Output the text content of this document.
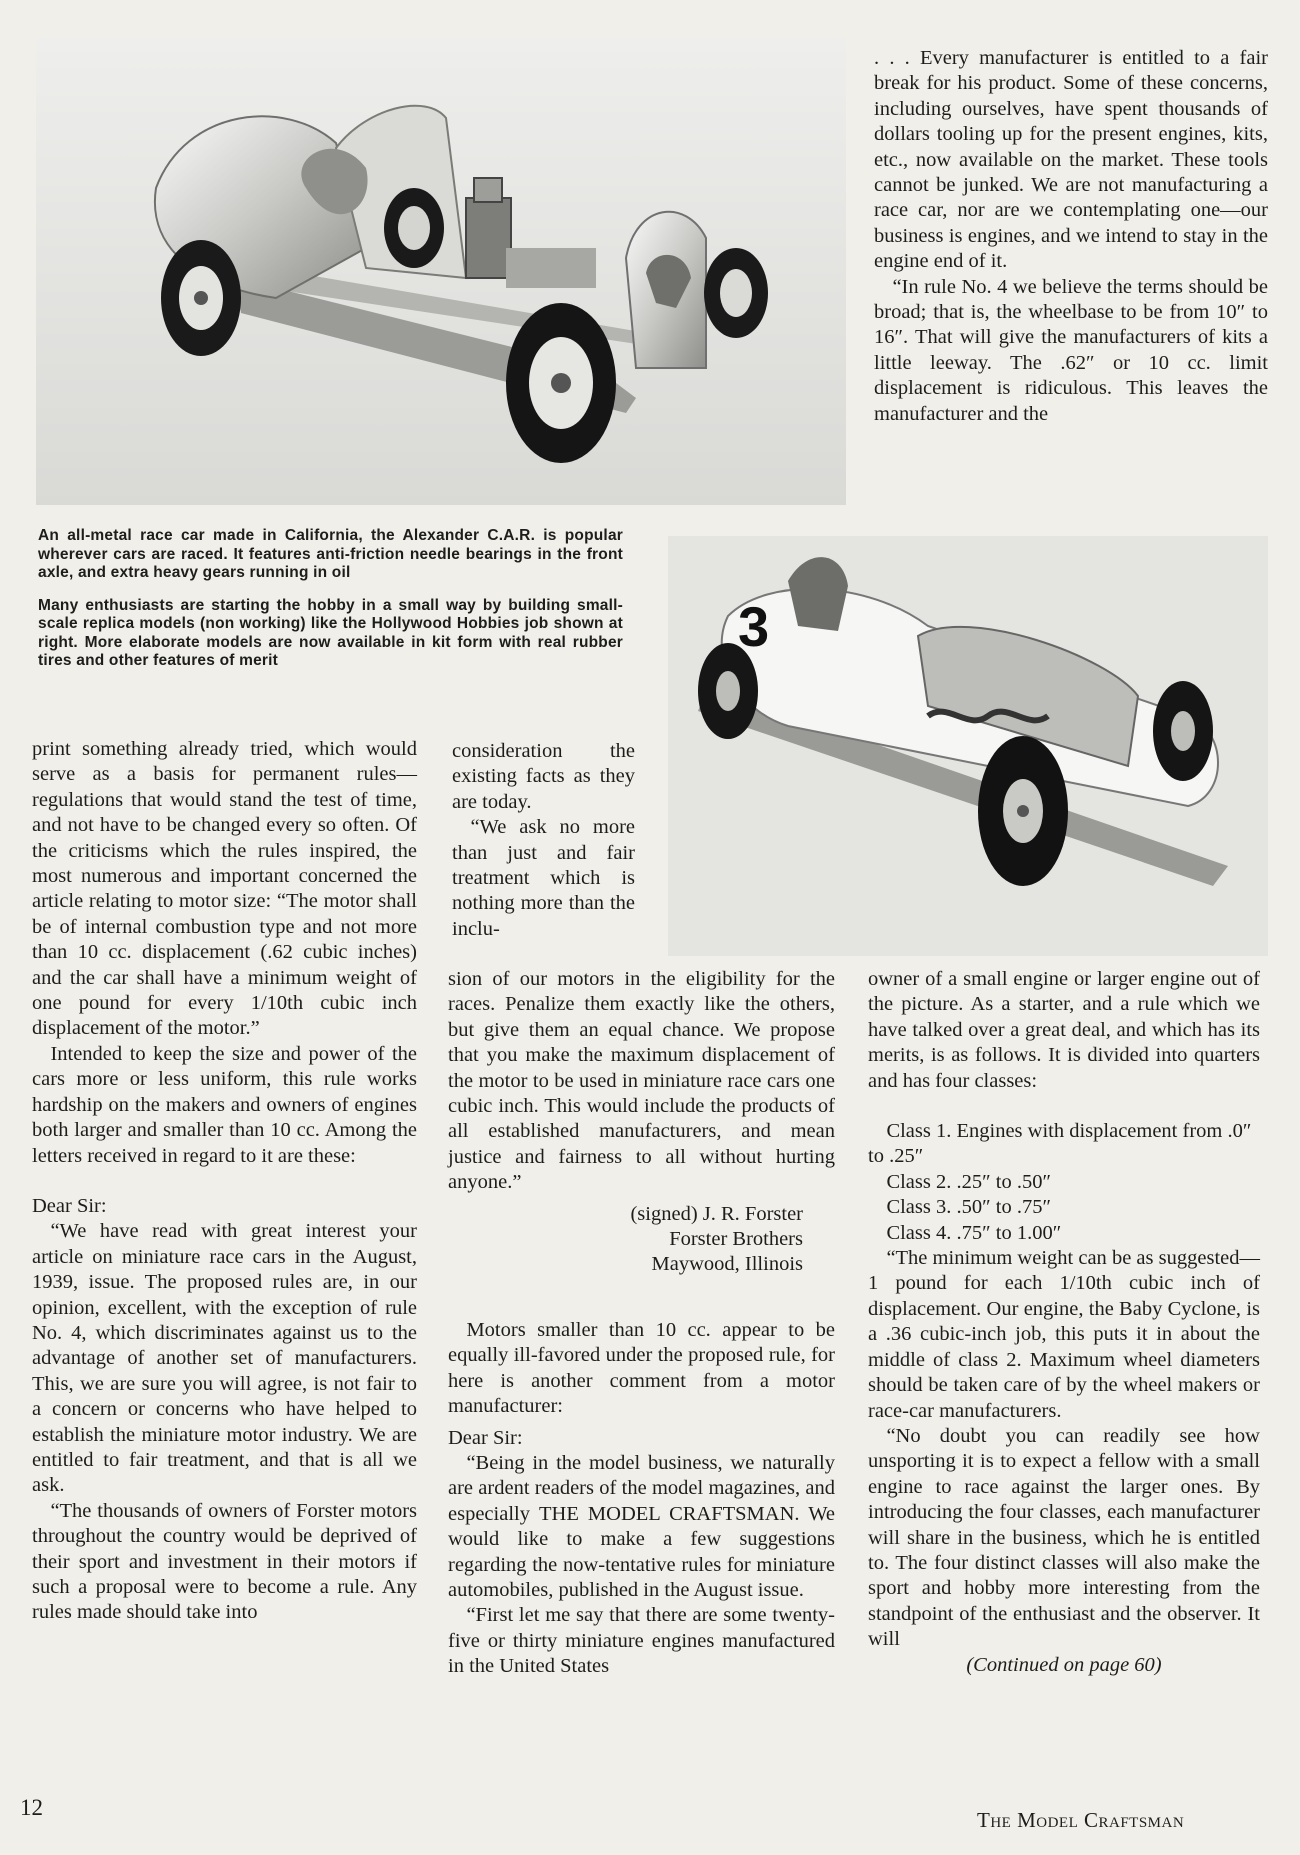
. . . Every manufacturer is entitled to a fair break for his product. Some of these concerns, including ourselves, have spent thousands of dollars tooling up for the present engines, kits, etc., now available on the market. These tools cannot be junked. We are not manufacturing a race car, nor are we contemplating one—our business is engines, and we intend to stay in the engine end of it.

“In rule No. 4 we believe the terms should be broad; that is, the wheelbase to be from 10″ to 16″. That will give the manufacturers of kits a little leeway. The .62″ or 10 cc. limit displacement is ridiculous. This leaves the manufacturer and the

An all-metal race car made in California, the Alexander C.A.R. is popular wherever cars are raced. It features anti-friction needle bearings in the front axle, and extra heavy gears running in oil

Many enthusiasts are starting the hobby in a small way by building small-scale replica models (non working) like the Hollywood Hobbies job shown at right. More elaborate models are now available in kit form with real rubber tires and other features of merit

3

print something already tried, which would serve as a basis for permanent rules—regulations that would stand the test of time, and not have to be changed every so often. Of the criticisms which the rules inspired, the most numerous and important concerned the article relating to motor size: “The motor shall be of internal combustion type and not more than 10 cc. displacement (.62 cubic inches) and the car shall have a minimum weight of one pound for every 1/10th cubic inch displacement of the motor.”

Intended to keep the size and power of the cars more or less uniform, this rule works hardship on the makers and owners of engines both larger and smaller than 10 cc. Among the letters received in regard to it are these:

Dear Sir:

“We have read with great interest your article on miniature race cars in the August, 1939, issue. The proposed rules are, in our opinion, excellent, with the exception of rule No. 4, which discriminates against us to the advantage of another set of manufacturers. This, we are sure you will agree, is not fair to a concern or concerns who have helped to establish the miniature motor industry. We are entitled to fair treatment, and that is all we ask.

“The thousands of owners of Forster motors throughout the country would be deprived of their sport and investment in their motors if such a proposal were to become a rule. Any rules made should take into

consideration the existing facts as they are today.

“We ask no more than just and fair treatment which is nothing more than the inclu-

sion of our motors in the eligibility for the races. Penalize them exactly like the others, but give them an equal chance. We propose that you make the maximum displacement of the motor to be used in miniature race cars one cubic inch. This would include the products of all established manufacturers, and mean justice and fairness to all without hurting anyone.”

(signed) J. R. Forster

Forster Brothers

Maywood, Illinois

Motors smaller than 10 cc. appear to be equally ill-favored under the proposed rule, for here is another comment from a motor manufacturer:

Dear Sir:

“Being in the model business, we naturally are ardent readers of the model magazines, and especially THE MODEL CRAFTSMAN. We would like to make a few suggestions regarding the now-tentative rules for miniature automobiles, published in the August issue.

“First let me say that there are some twenty-five or thirty miniature engines manufactured in the United States

owner of a small engine or larger engine out of the picture. As a starter, and a rule which we have talked over a great deal, and which has its merits, is as follows. It is divided into quarters and has four classes:

Class 1. Engines with displacement from .0″ to .25″

Class 2. .25″ to .50″

Class 3. .50″ to .75″

Class 4. .75″ to 1.00″

“The minimum weight can be as suggested—1 pound for each 1/10th cubic inch of displacement. Our engine, the Baby Cyclone, is a .36 cubic-inch job, this puts it in about the middle of class 2. Maximum wheel diameters should be taken care of by the wheel makers or race-car manufacturers.

“No doubt you can readily see how unsporting it is to expect a fellow with a small engine to race against the larger ones. By introducing the four classes, each manufacturer will share in the business, which he is entitled to. The four distinct classes will also make the sport and hobby more interesting from the standpoint of the enthusiast and the observer. It will

(Continued on page 60)

12	The Model Craftsman
